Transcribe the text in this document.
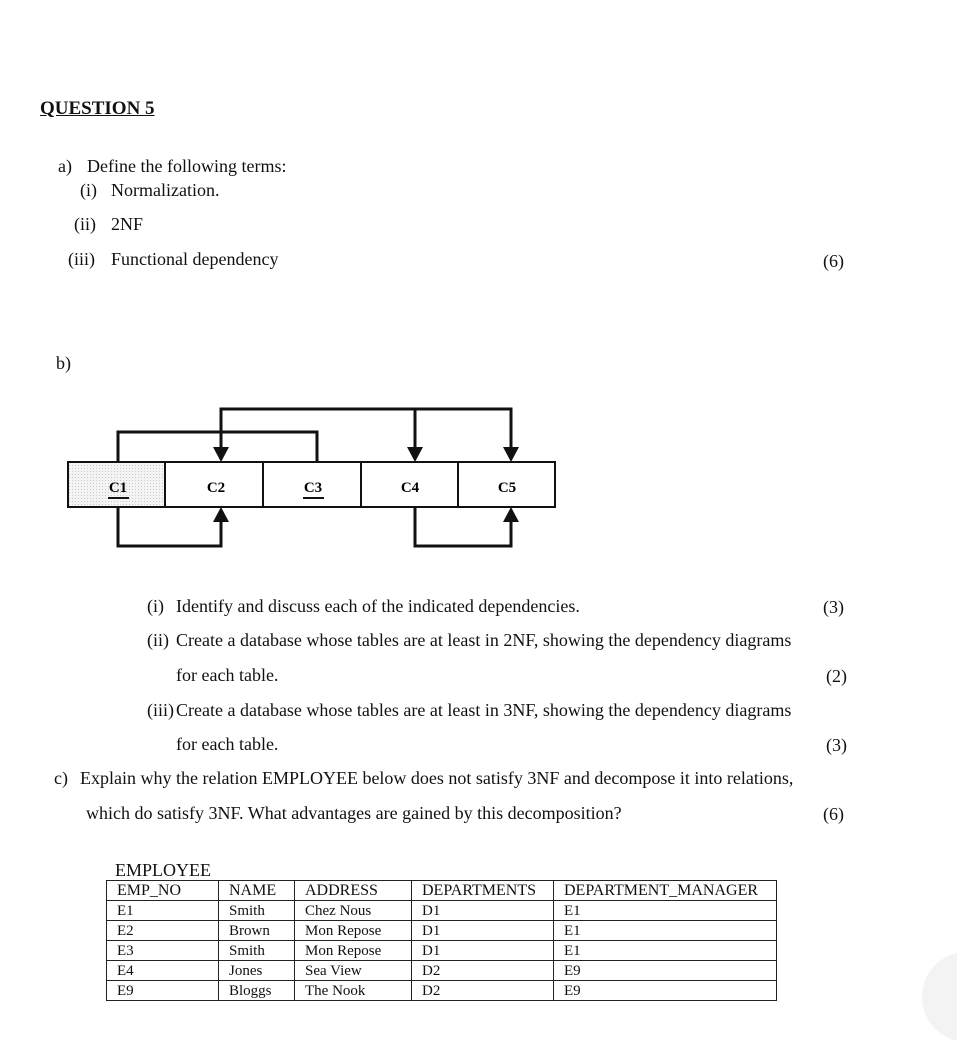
QUESTION 5
a) Define the following terms:
(i) Normalization.
(ii) 2NF
(iii) Functional dependency	(6)
b)
C1	C2	C3	C4	C5
(i) Identify and discuss each of the indicated dependencies.	(3)
(ii) Create a database whose tables are at least in 2NF, showing the dependency diagrams
for each table.	(2)
(iii) Create a database whose tables are at least in 3NF, showing the dependency diagrams
for each table.	(3)
c) Explain why the relation EMPLOYEE below does not satisfy 3NF and decompose it into relations,
which do satisfy 3NF. What advantages are gained by this decomposition?	(6)
EMPLOYEE
EMP_NO	NAME	ADDRESS	DEPARTMENTS	DEPARTMENT_MANAGER
E1	Smith	Chez Nous	D1	E1
E2	Brown	Mon Repose	D1	E1
E3	Smith	Mon Repose	D1	E1
E4	Jones	Sea View	D2	E9
E9	Bloggs	The Nook	D2	E9
